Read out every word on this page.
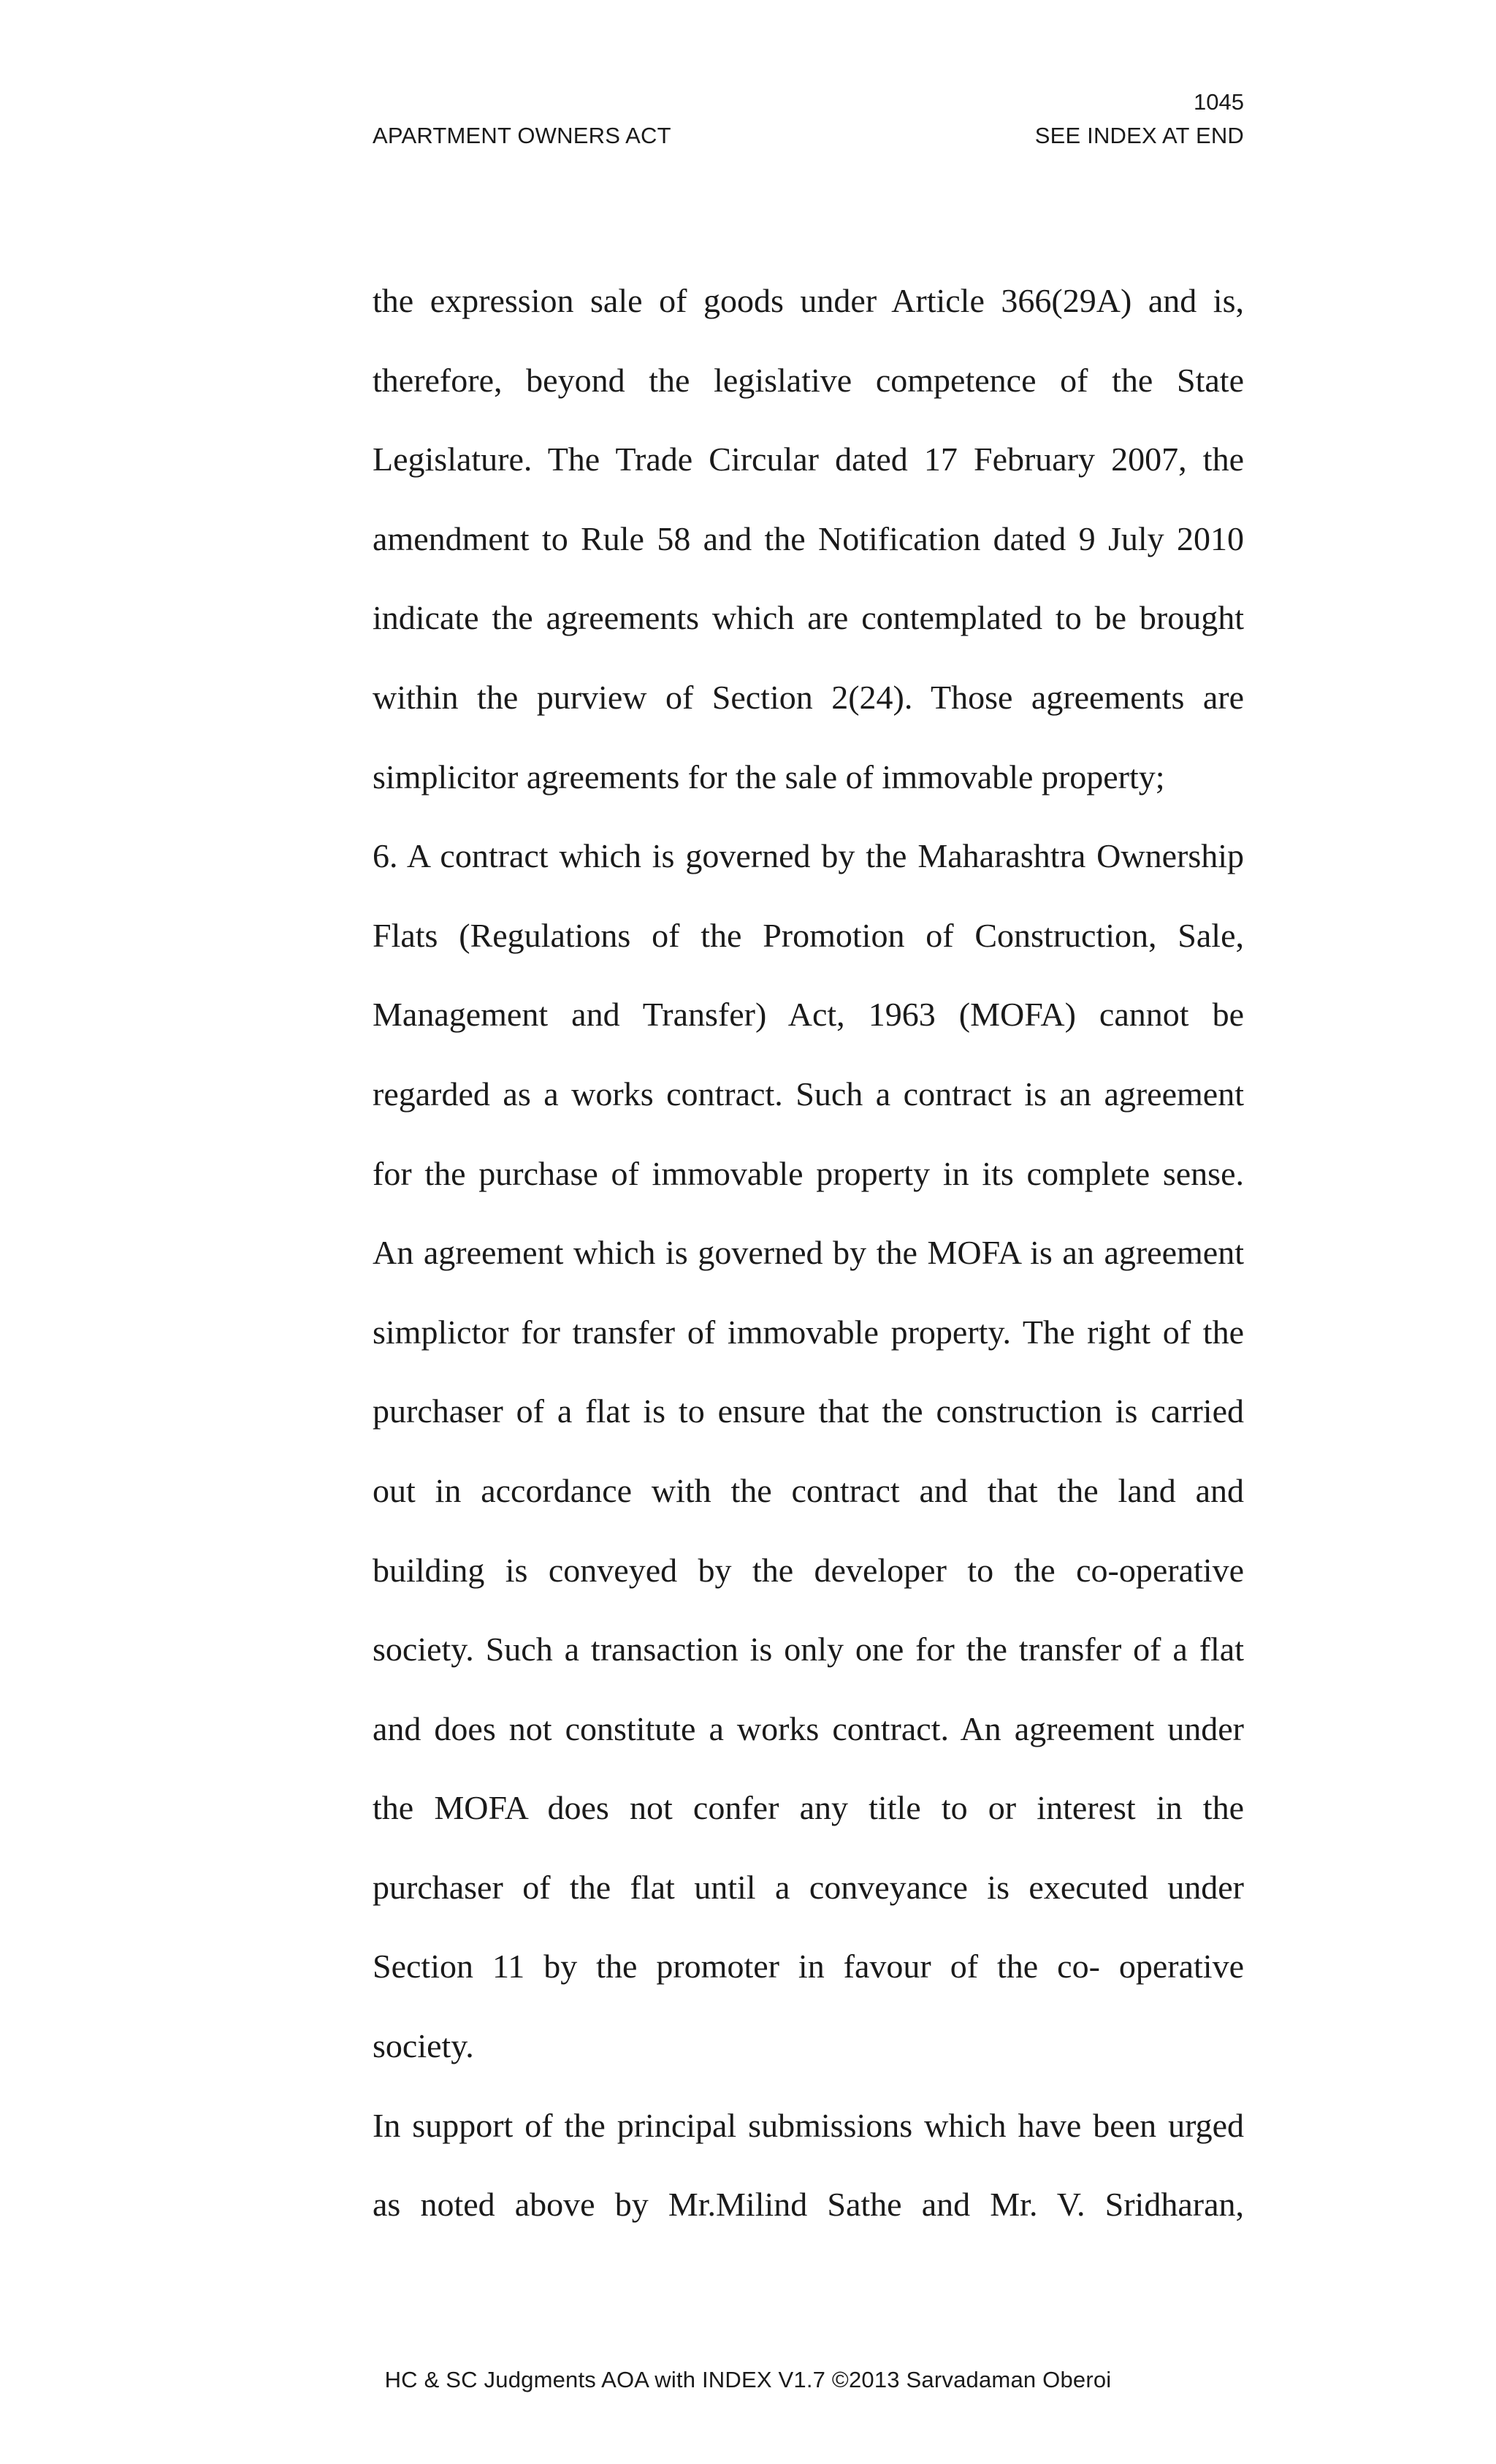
1045
APARTMENT OWNERS ACT	SEE INDEX AT END

the expression sale of goods under Article 366(29A) and is, therefore, beyond the legislative competence of the State Legislature. The Trade Circular dated 17 February 2007, the amendment to Rule 58 and the Notification dated 9 July 2010 indicate the agreements which are contemplated to be brought within the purview of Section 2(24). Those agreements are simplicitor agreements for the sale of immovable property;

6. A contract which is governed by the Maharashtra Ownership Flats (Regulations of the Promotion of Construction, Sale, Management and Transfer) Act, 1963 (MOFA) cannot be regarded as a works contract. Such a contract is an agreement for the purchase of immovable property in its complete sense. An agreement which is governed by the MOFA is an agreement simplictor for transfer of immovable property. The right of the purchaser of a flat is to ensure that the construction is carried out in accordance with the contract and that the land and building is conveyed by the developer to the co-operative society. Such a transaction is only one for the transfer of a flat and does not constitute a works contract. An agreement under the MOFA does not confer any title to or interest in the purchaser of the flat until a conveyance is executed under Section 11 by the promoter in favour of the co- operative society.

In support of the principal submissions which have been urged as noted above by Mr.Milind Sathe and Mr. V. Sridharan,

HC & SC Judgments AOA with INDEX V1.7 ©2013 Sarvadaman Oberoi
